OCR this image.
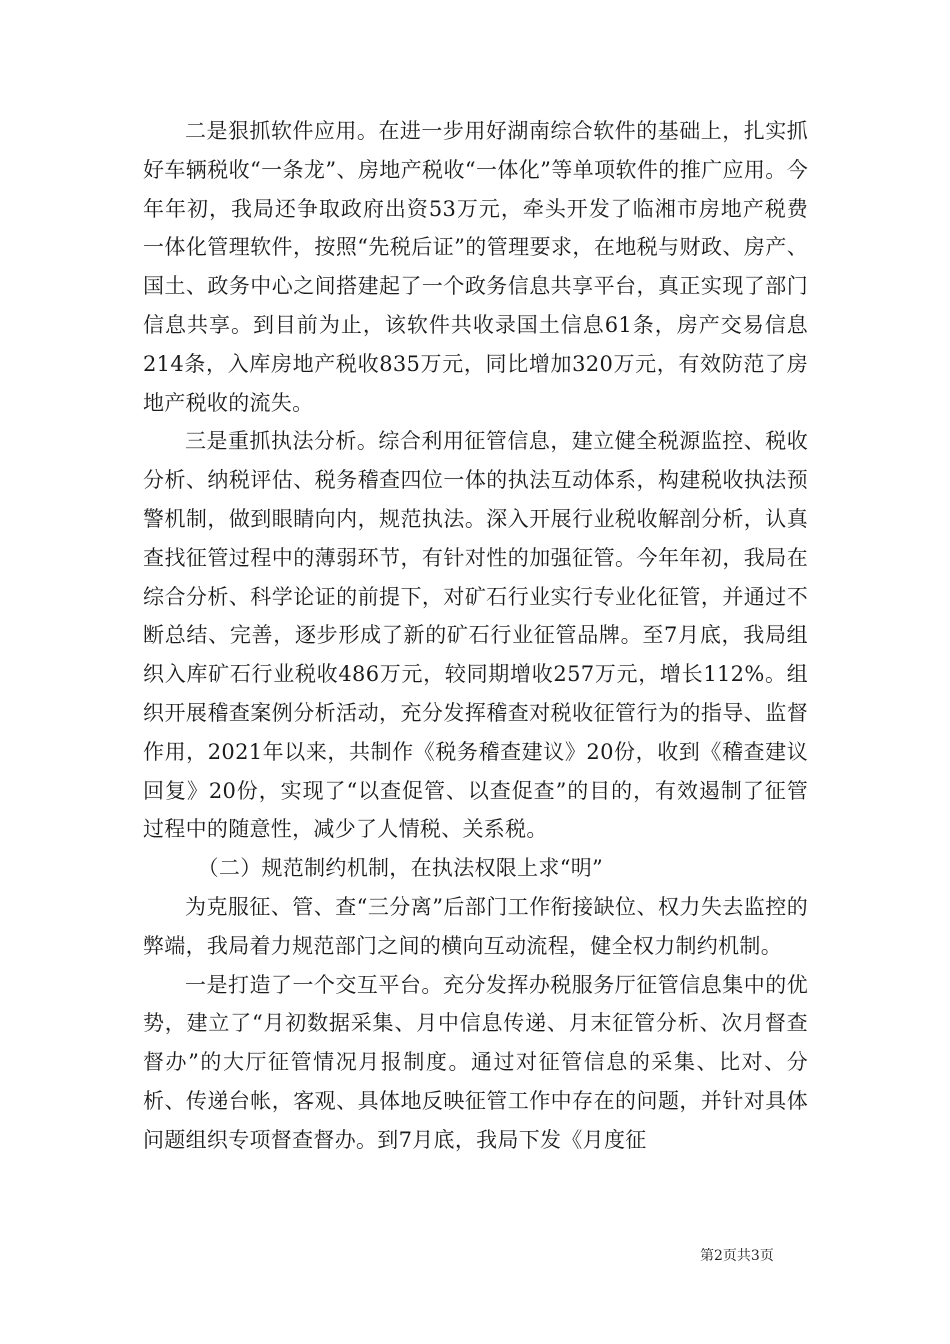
二是狠抓软件应用。在进一步用好湖南综合软件的基础上，扎实抓好车辆税收“一条龙”、房地产税收“一体化”等单项软件的推广应用。今年年初，我局还争取政府出资53万元，牵头开发了临湘市房地产税费一体化管理软件，按照“先税后证”的管理要求，在地税与财政、房产、国土、政务中心之间搭建起了一个政务信息共享平台，真正实现了部门信息共享。到目前为止，该软件共收录国土信息61条，房产交易信息214条，入库房地产税收835万元，同比增加320万元，有效防范了房地产税收的流失。

三是重抓执法分析。综合利用征管信息，建立健全税源监控、税收分析、纳税评估、税务稽查四位一体的执法互动体系，构建税收执法预警机制，做到眼睛向内，规范执法。深入开展行业税收解剖分析，认真查找征管过程中的薄弱环节，有针对性的加强征管。今年年初，我局在综合分析、科学论证的前提下，对矿石行业实行专业化征管，并通过不断总结、完善，逐步形成了新的矿石行业征管品牌。至7月底，我局组织入库矿石行业税收486万元，较同期增收257万元，增长112%。组织开展稽查案例分析活动，充分发挥稽查对税收征管行为的指导、监督作用，2021年以来，共制作《税务稽查建议》20份，收到《稽查建议回复》20份，实现了“以查促管、以查促查”的目的，有效遏制了征管过程中的随意性，减少了人情税、关系税。

（二）规范制约机制，在执法权限上求“明”

为克服征、管、查“三分离”后部门工作衔接缺位、权力失去监控的弊端，我局着力规范部门之间的横向互动流程，健全权力制约机制。

一是打造了一个交互平台。充分发挥办税服务厅征管信息集中的优势，建立了“月初数据采集、月中信息传递、月末征管分析、次月督查督办”的大厅征管情况月报制度。通过对征管信息的采集、比对、分析、传递台帐，客观、具体地反映征管工作中存在的问题，并针对具体问题组织专项督查督办。到7月底，我局下发《月度征

第2页共3页
